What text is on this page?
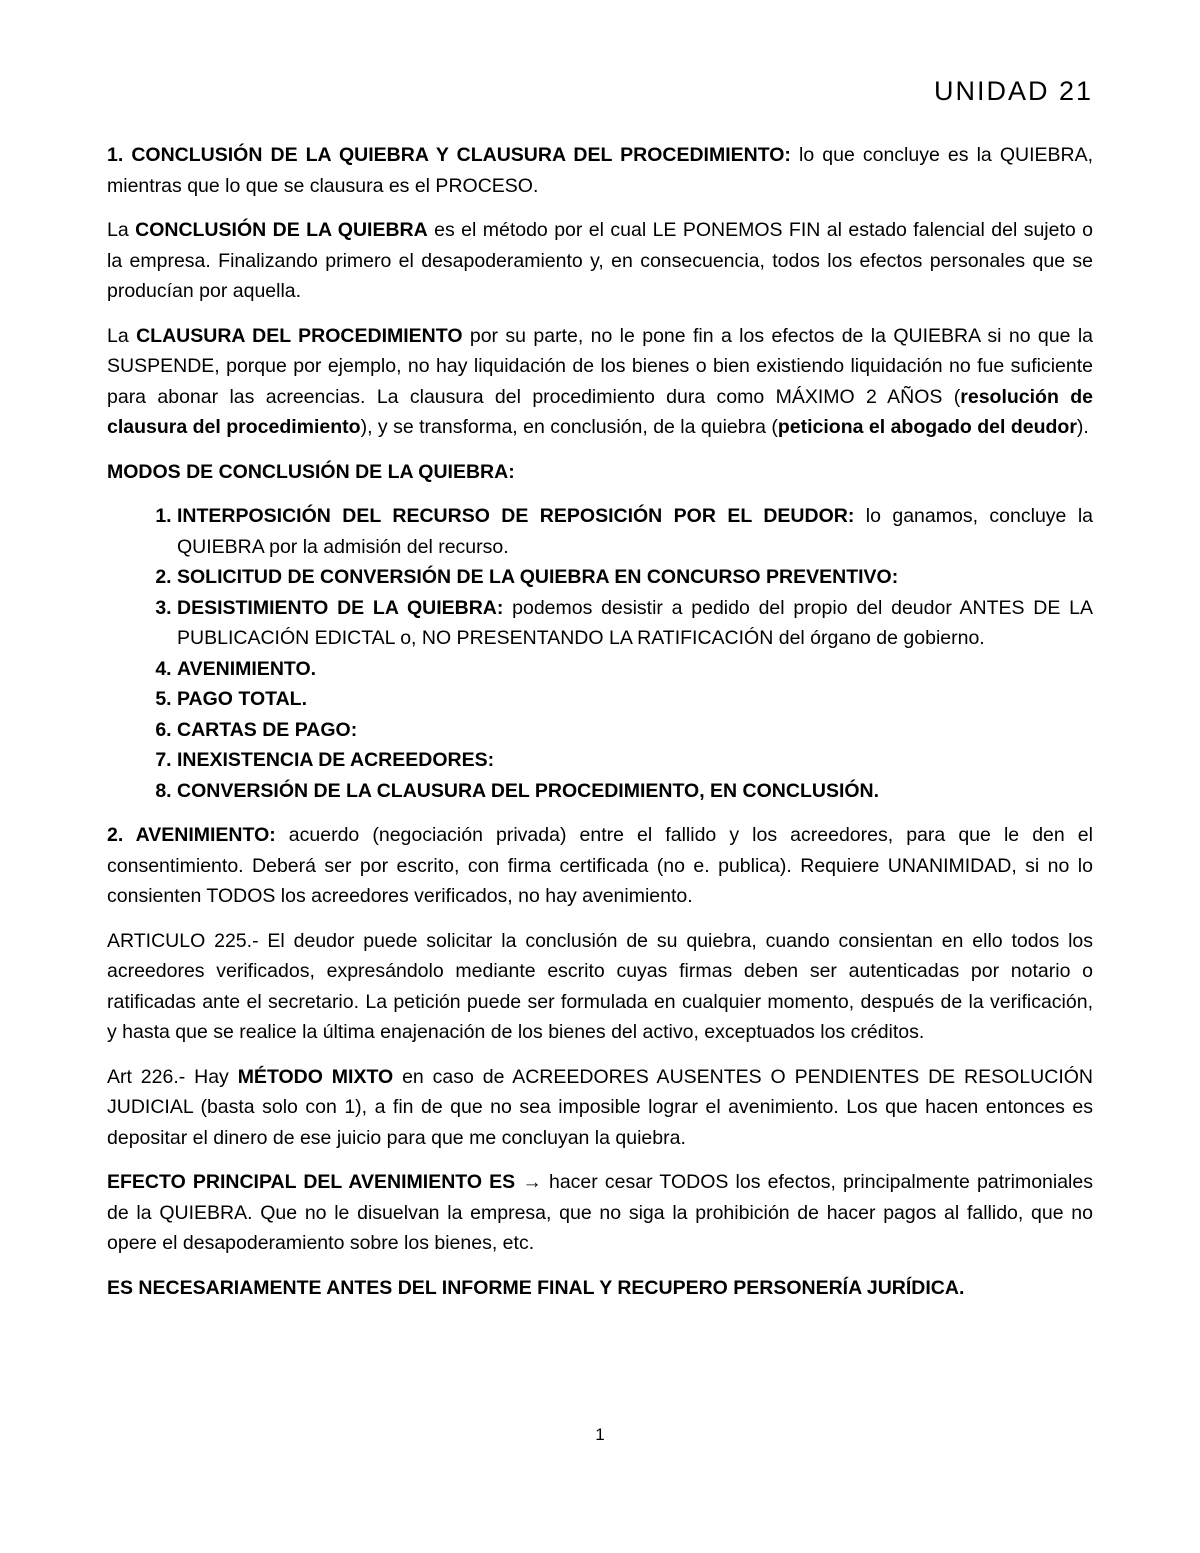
UNIDAD 21

1. CONCLUSIÓN DE LA QUIEBRA Y CLAUSURA DEL PROCEDIMIENTO: lo que concluye es la QUIEBRA, mientras que lo que se clausura es el PROCESO.

La CONCLUSIÓN DE LA QUIEBRA es el método por el cual LE PONEMOS FIN al estado falencial del sujeto o la empresa. Finalizando primero el desapoderamiento y, en consecuencia, todos los efectos personales que se producían por aquella.

La CLAUSURA DEL PROCEDIMIENTO por su parte, no le pone fin a los efectos de la QUIEBRA si no que la SUSPENDE, porque por ejemplo, no hay liquidación de los bienes o bien existiendo liquidación no fue suficiente para abonar las acreencias. La clausura del procedimiento dura como MÁXIMO 2 AÑOS (resolución de clausura del procedimiento), y se transforma, en conclusión, de la quiebra (peticiona el abogado del deudor).

MODOS DE CONCLUSIÓN DE LA QUIEBRA:

1. INTERPOSICIÓN DEL RECURSO DE REPOSICIÓN POR EL DEUDOR: lo ganamos, concluye la QUIEBRA por la admisión del recurso.
2. SOLICITUD DE CONVERSIÓN DE LA QUIEBRA EN CONCURSO PREVENTIVO:
3. DESISTIMIENTO DE LA QUIEBRA: podemos desistir a pedido del propio del deudor ANTES DE LA PUBLICACIÓN EDICTAL o, NO PRESENTANDO LA RATIFICACIÓN del órgano de gobierno.
4. AVENIMIENTO.
5. PAGO TOTAL.
6. CARTAS DE PAGO:
7. INEXISTENCIA DE ACREEDORES:
8. CONVERSIÓN DE LA CLAUSURA DEL PROCEDIMIENTO, EN CONCLUSIÓN.

2. AVENIMIENTO: acuerdo (negociación privada) entre el fallido y los acreedores, para que le den el consentimiento. Deberá ser por escrito, con firma certificada (no e. publica). Requiere UNANIMIDAD, si no lo consienten TODOS los acreedores verificados, no hay avenimiento.

ARTICULO 225.- El deudor puede solicitar la conclusión de su quiebra, cuando consientan en ello todos los acreedores verificados, expresándolo mediante escrito cuyas firmas deben ser autenticadas por notario o ratificadas ante el secretario. La petición puede ser formulada en cualquier momento, después de la verificación, y hasta que se realice la última enajenación de los bienes del activo, exceptuados los créditos.

Art 226.- Hay MÉTODO MIXTO en caso de ACREEDORES AUSENTES O PENDIENTES DE RESOLUCIÓN JUDICIAL (basta solo con 1), a fin de que no sea imposible lograr el avenimiento. Los que hacen entonces es depositar el dinero de ese juicio para que me concluyan la quiebra.

EFECTO PRINCIPAL DEL AVENIMIENTO ES → hacer cesar TODOS los efectos, principalmente patrimoniales de la QUIEBRA. Que no le disuelvan la empresa, que no siga la prohibición de hacer pagos al fallido, que no opere el desapoderamiento sobre los bienes, etc.

ES NECESARIAMENTE ANTES DEL INFORME FINAL Y RECUPERO PERSONERÍA JURÍDICA.

1
